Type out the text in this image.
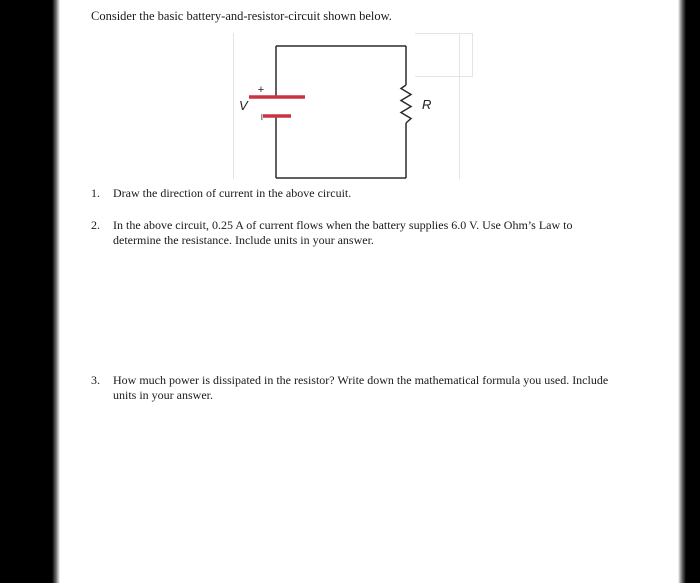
Consider the basic battery-and-resistor-circuit shown below.
+
–
V	R
1. Draw the direction of current in the above circuit.
2. In the above circuit, 0.25 A of current flows when the battery supplies 6.0 V. Use Ohm’s Law to determine the resistance. Include units in your answer.
3. How much power is dissipated in the resistor? Write down the mathematical formula you used. Include units in your answer.
